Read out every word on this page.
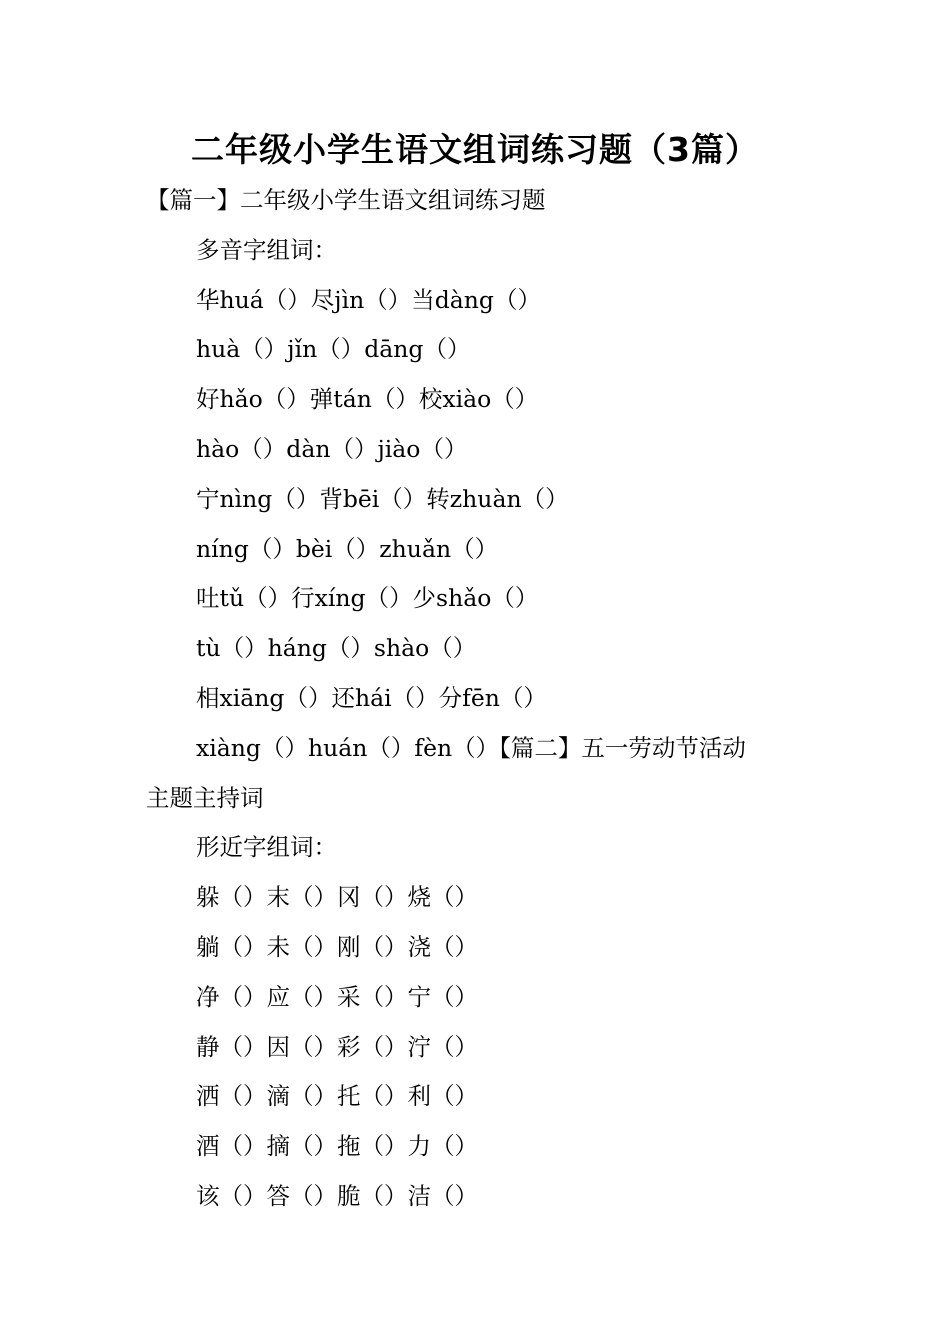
二年级小学生语文组词练习题（3篇）
【篇一】二年级小学生语文组词练习题
多音字组词：
华huá（）尽jìn（）当dàng（）
huà（）jǐn（）dāng（）
好hǎo（）弹tán（）校xiào（）
hào（）dàn（）jiào（）
宁nìng（）背bēi（）转zhuàn（）
níng（）bèi（）zhuǎn（）
吐tǔ（）行xíng（）少shǎo（）
tù（）háng（）shào（）
相xiāng（）还hái（）分fēn（）
xiàng（）huán（）fèn（）【篇二】五一劳动节活动
主题主持词
形近字组词：
躲（）末（）冈（）烧（）
躺（）未（）刚（）浇（）
净（）应（）采（）宁（）
静（）因（）彩（）泞（）
洒（）滴（）托（）利（）
酒（）摘（）拖（）力（）
该（）答（）脆（）洁（）
